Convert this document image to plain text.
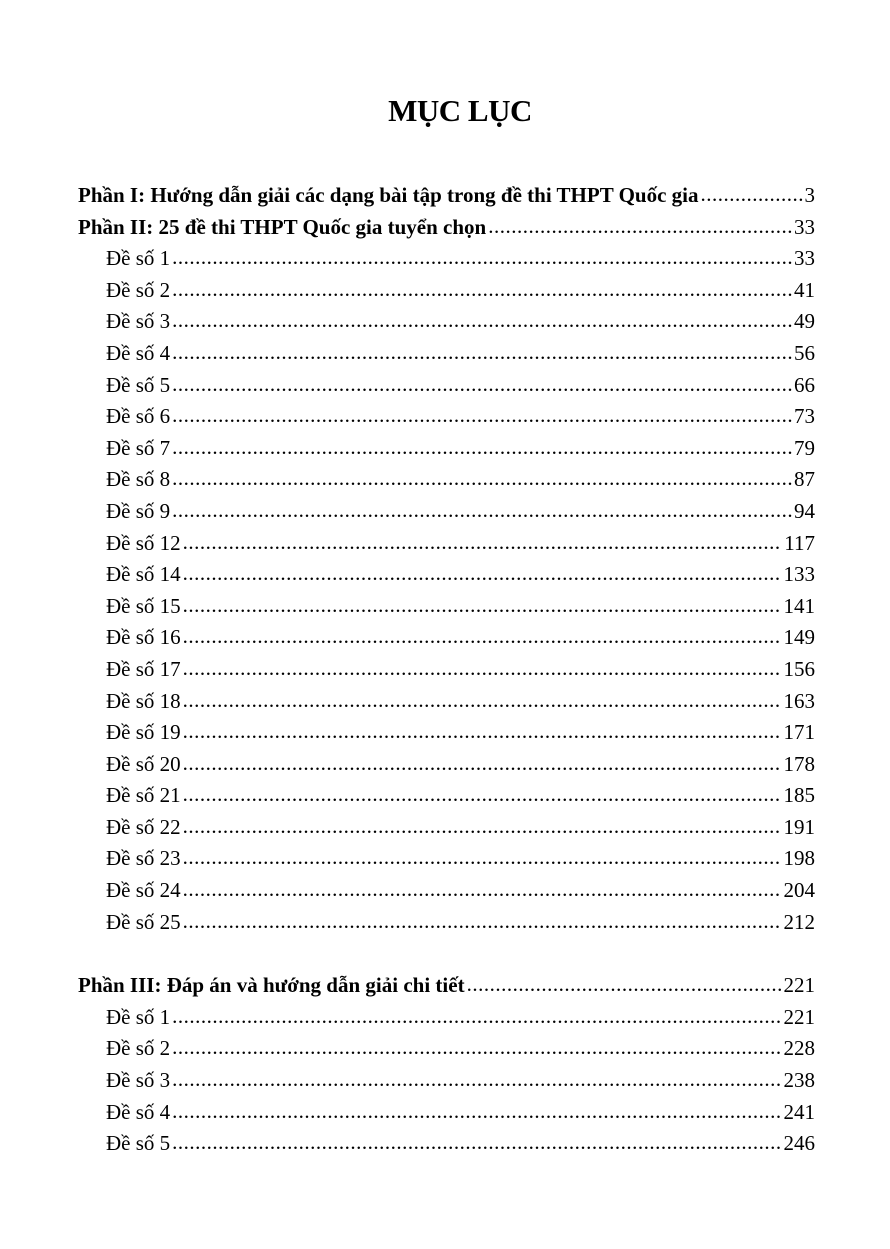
MỤC LỤC
Phần I: Hướng dẫn giải các dạng bài tập trong đề thi THPT Quốc gia .....	3
Phần II: 25 đề thi THPT Quốc gia tuyển chọn .....	33
Đề số 1 .....	33
Đề số 2 .....	41
Đề số 3 .....	49
Đề số 4 .....	56
Đề số 5 .....	66
Đề số 6 .....	73
Đề số 7 .....	79
Đề số 8 .....	87
Đề số 9 .....	94
Đề số 12 .....	117
Đề số 14 .....	133
Đề số 15 .....	141
Đề số 16 .....	149
Đề số 17 .....	156
Đề số 18 .....	163
Đề số 19 .....	171
Đề số 20 .....	178
Đề số 21 .....	185
Đề số 22 .....	191
Đề số 23 .....	198
Đề số 24 .....	204
Đề số 25 .....	212
Phần III: Đáp án và hướng dẫn giải chi tiết .....	221
Đề số 1 .....	221
Đề số 2 .....	228
Đề số 3 .....	238
Đề số 4 .....	241
Đề số 5 .....	246
